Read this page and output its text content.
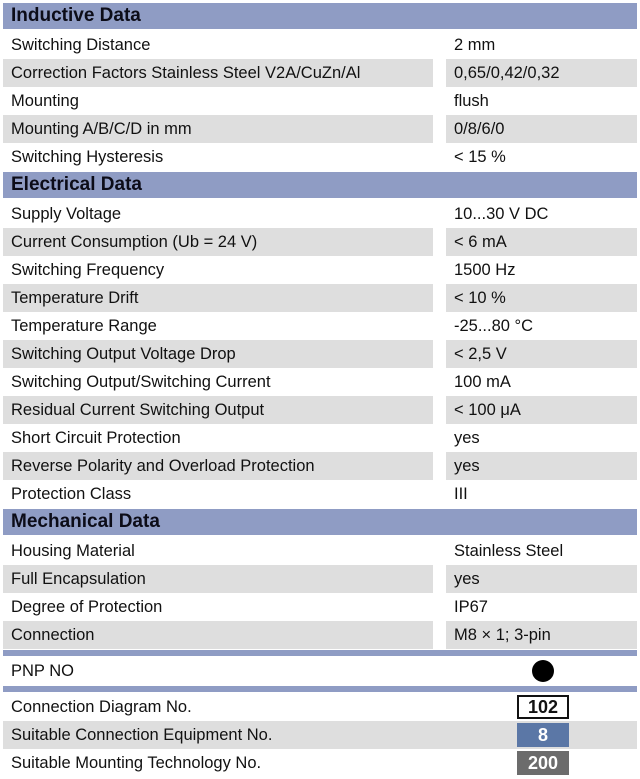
Inductive Data
Switching Distance	2 mm
Correction Factors Stainless Steel V2A/CuZn/Al	0,65/0,42/0,32
Mounting	flush
Mounting A/B/C/D in mm	0/8/6/0
Switching Hysteresis	< 15 %
Electrical Data
Supply Voltage	10...30 V DC
Current Consumption (Ub = 24 V)	< 6 mA
Switching Frequency	1500 Hz
Temperature Drift	< 10 %
Temperature Range	-25...80 °C
Switching Output Voltage Drop	< 2,5 V
Switching Output/Switching Current	100 mA
Residual Current Switching Output	< 100 μA
Short Circuit Protection	yes
Reverse Polarity and Overload Protection	yes
Protection Class	III
Mechanical Data
Housing Material	Stainless Steel
Full Encapsulation	yes
Degree of Protection	IP67
Connection	M8 × 1; 3-pin
PNP NO
Connection Diagram No.	102
Suitable Connection Equipment No.	8
Suitable Mounting Technology No.	200
